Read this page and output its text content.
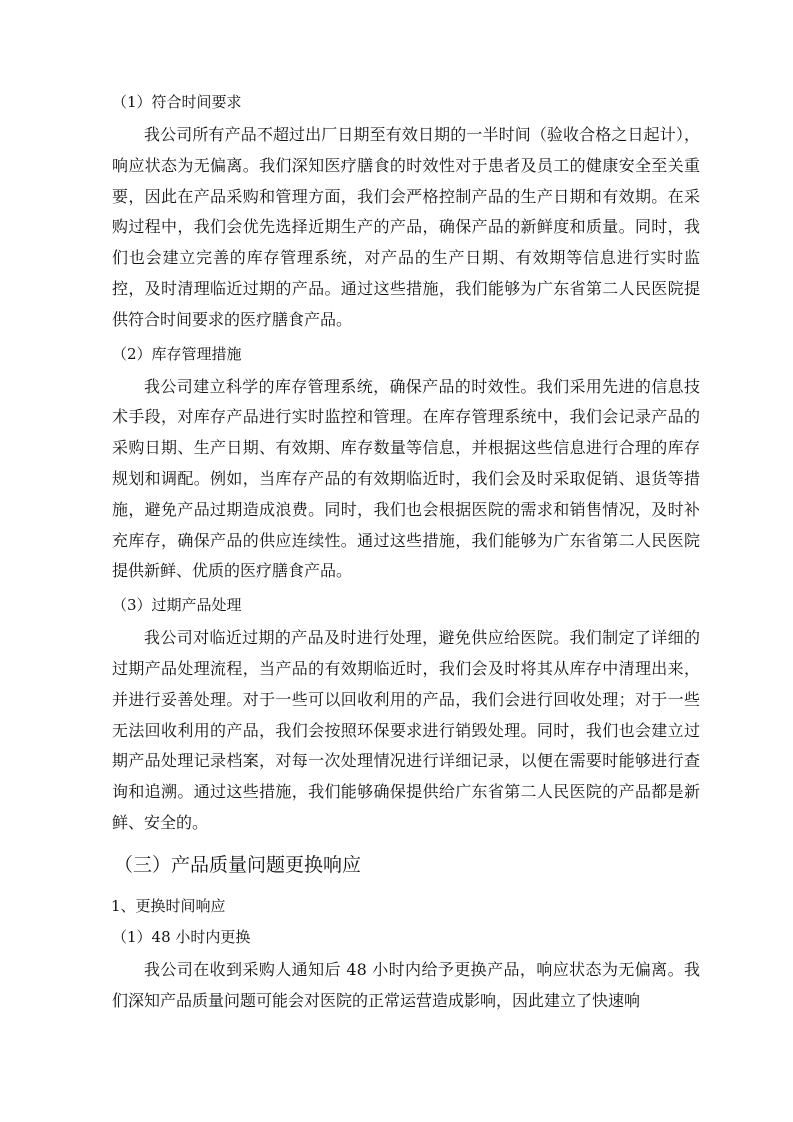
（1）符合时间要求

我公司所有产品不超过出厂日期至有效日期的一半时间（验收合格之日起计），响应状态为无偏离。我们深知医疗膳食的时效性对于患者及员工的健康安全至关重要，因此在产品采购和管理方面，我们会严格控制产品的生产日期和有效期。在采购过程中，我们会优先选择近期生产的产品，确保产品的新鲜度和质量。同时，我们也会建立完善的库存管理系统，对产品的生产日期、有效期等信息进行实时监控，及时清理临近过期的产品。通过这些措施，我们能够为广东省第二人民医院提供符合时间要求的医疗膳食产品。

（2）库存管理措施

我公司建立科学的库存管理系统，确保产品的时效性。我们采用先进的信息技术手段，对库存产品进行实时监控和管理。在库存管理系统中，我们会记录产品的采购日期、生产日期、有效期、库存数量等信息，并根据这些信息进行合理的库存规划和调配。例如，当库存产品的有效期临近时，我们会及时采取促销、退货等措施，避免产品过期造成浪费。同时，我们也会根据医院的需求和销售情况，及时补充库存，确保产品的供应连续性。通过这些措施，我们能够为广东省第二人民医院提供新鲜、优质的医疗膳食产品。

（3）过期产品处理

我公司对临近过期的产品及时进行处理，避免供应给医院。我们制定了详细的过期产品处理流程，当产品的有效期临近时，我们会及时将其从库存中清理出来，并进行妥善处理。对于一些可以回收利用的产品，我们会进行回收处理；对于一些无法回收利用的产品，我们会按照环保要求进行销毁处理。同时，我们也会建立过期产品处理记录档案，对每一次处理情况进行详细记录，以便在需要时能够进行查询和追溯。通过这些措施，我们能够确保提供给广东省第二人民医院的产品都是新鲜、安全的。

（三）产品质量问题更换响应
1、更换时间响应
（1）48 小时内更换

我公司在收到采购人通知后 48 小时内给予更换产品，响应状态为无偏离。我们深知产品质量问题可能会对医院的正常运营造成影响，因此建立了快速响
